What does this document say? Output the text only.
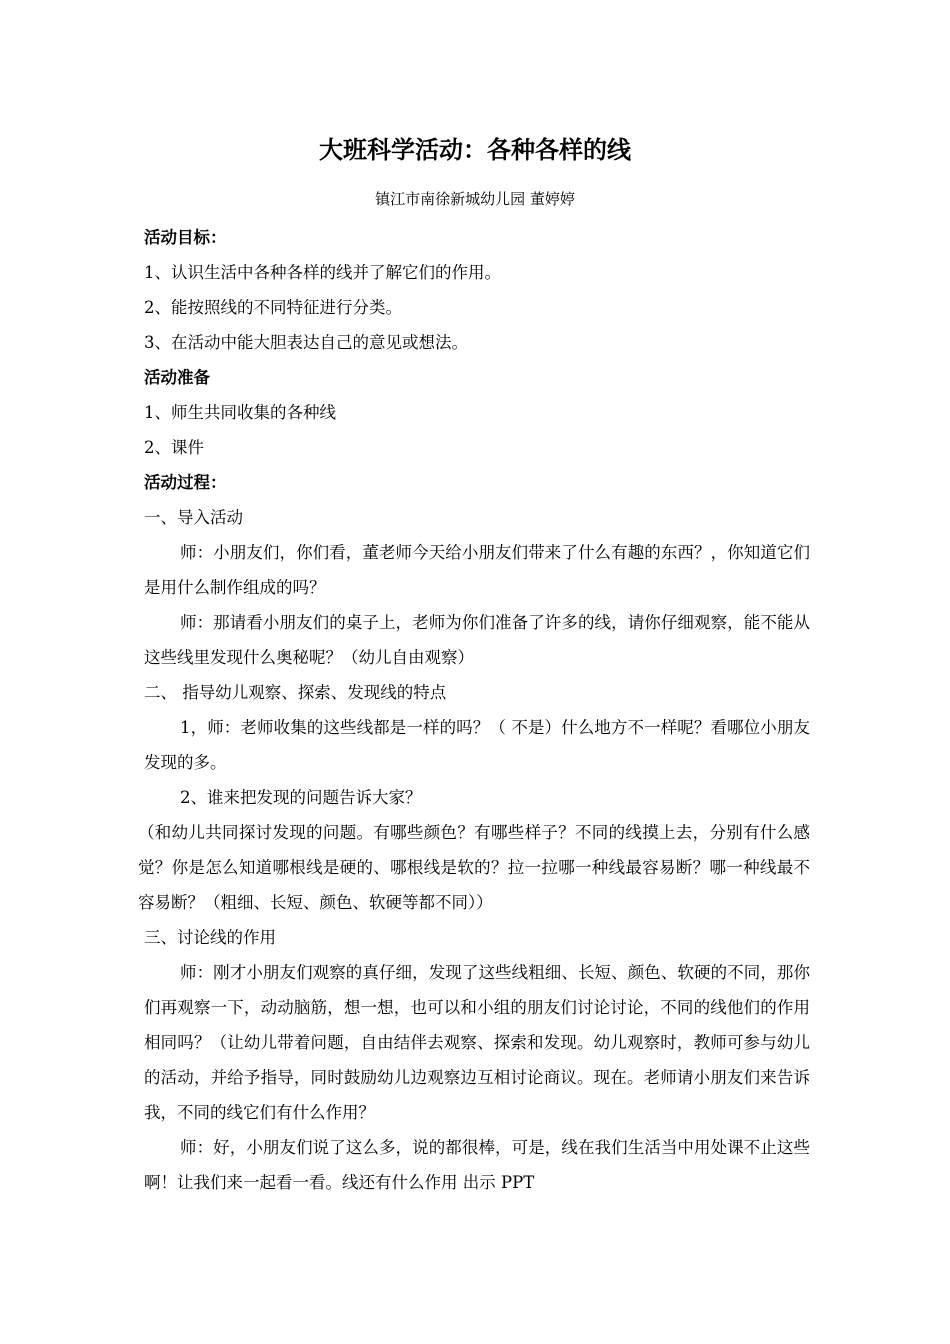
大班科学活动：各种各样的线
镇江市南徐新城幼儿园 董婷婷

活动目标：

1、认识生活中各种各样的线并了解它们的作用。

2、能按照线的不同特征进行分类。

3、在活动中能大胆表达自己的意见或想法。

活动准备

1、师生共同收集的各种线

2、课件

活动过程：

一、导入活动

师：小朋友们，你们看，董老师今天给小朋友们带来了什么有趣的东西？，你知道它们是用什么制作组成的吗？

师：那请看小朋友们的桌子上，老师为你们准备了许多的线，请你仔细观察，能不能从这些线里发现什么奥秘呢？（幼儿自由观察）

二、 指导幼儿观察、探索、发现线的特点

1，师：老师收集的这些线都是一样的吗？（ 不是）什么地方不一样呢？看哪位小朋友发现的多。

2、谁来把发现的问题告诉大家？

（和幼儿共同探讨发现的问题。有哪些颜色？有哪些样子？不同的线摸上去，分别有什么感觉？你是怎么知道哪根线是硬的、哪根线是软的？拉一拉哪一种线最容易断？哪一种线最不容易断？（粗细、长短、颜色、软硬等都不同））

三、讨论线的作用

师：刚才小朋友们观察的真仔细，发现了这些线粗细、长短、颜色、软硬的不同，那你们再观察一下，动动脑筋，想一想，也可以和小组的朋友们讨论讨论，不同的线他们的作用相同吗？（让幼儿带着问题，自由结伴去观察、探索和发现。幼儿观察时，教师可参与幼儿的活动，并给予指导，同时鼓励幼儿边观察边互相讨论商议。现在。老师请小朋友们来告诉我，不同的线它们有什么作用？

师：好，小朋友们说了这么多，说的都很棒，可是，线在我们生活当中用处课不止这些啊！让我们来一起看一看。线还有什么作用 出示 PPT
